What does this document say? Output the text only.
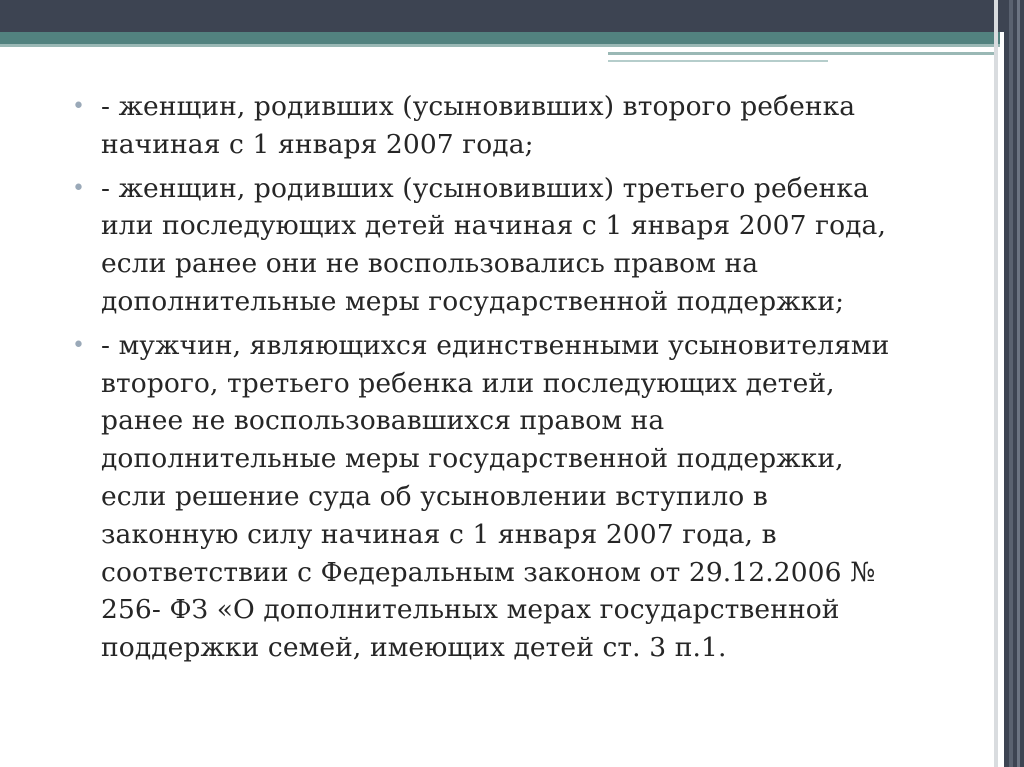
• - женщин, родивших (усыновивших) второго ребенка
начиная с 1 января 2007 года;
• - женщин, родивших (усыновивших) третьего ребенка
или последующих детей начиная с 1 января 2007 года,
если ранее они не воспользовались правом на
дополнительные меры государственной поддержки;
• - мужчин, являющихся единственными усыновителями
второго, третьего ребенка или последующих детей,
ранее не воспользовавшихся правом на
дополнительные меры государственной поддержки,
если решение суда об усыновлении вступило в
законную силу начиная с 1 января 2007 года, в
соответствии с Федеральным законом от 29.12.2006 №
256- ФЗ «О дополнительных мерах государственной
поддержки семей, имеющих детей ст. 3 п.1.
